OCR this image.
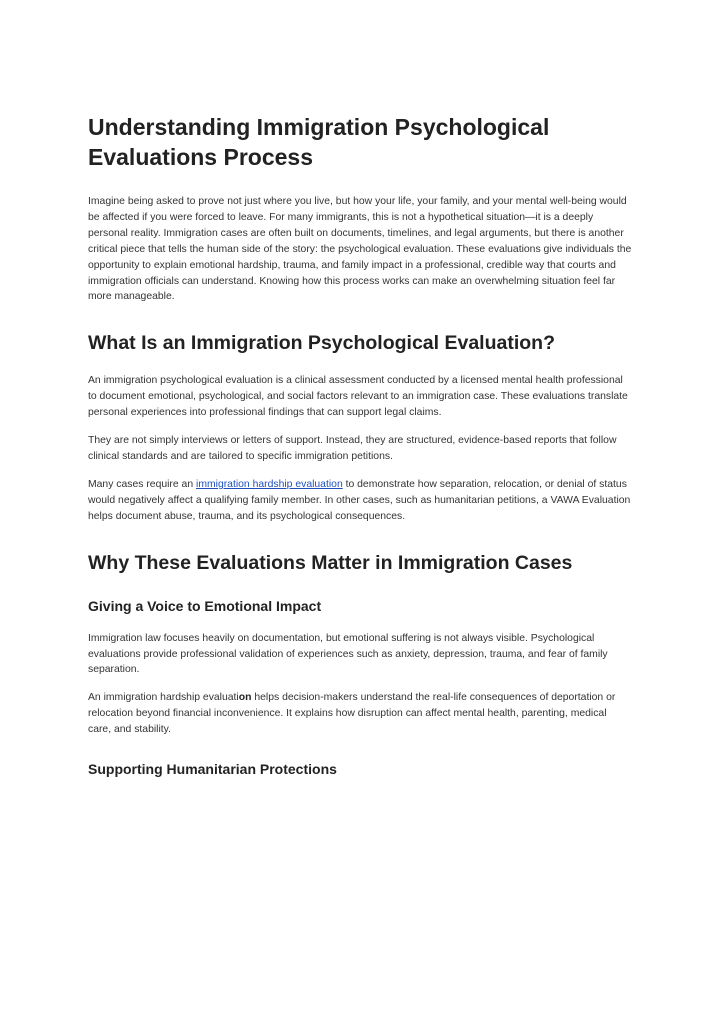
Understanding Immigration Psychological Evaluations Process

Imagine being asked to prove not just where you live, but how your life, your family, and your mental well-being would be affected if you were forced to leave. For many immigrants, this is not a hypothetical situation—it is a deeply personal reality. Immigration cases are often built on documents, timelines, and legal arguments, but there is another critical piece that tells the human side of the story: the psychological evaluation. These evaluations give individuals the opportunity to explain emotional hardship, trauma, and family impact in a professional, credible way that courts and immigration officials can understand. Knowing how this process works can make an overwhelming situation feel far more manageable.

What Is an Immigration Psychological Evaluation?

An immigration psychological evaluation is a clinical assessment conducted by a licensed mental health professional to document emotional, psychological, and social factors relevant to an immigration case. These evaluations translate personal experiences into professional findings that can support legal claims.

They are not simply interviews or letters of support. Instead, they are structured, evidence-based reports that follow clinical standards and are tailored to specific immigration petitions.

Many cases require an immigration hardship evaluation to demonstrate how separation, relocation, or denial of status would negatively affect a qualifying family member. In other cases, such as humanitarian petitions, a VAWA Evaluation helps document abuse, trauma, and its psychological consequences.

Why These Evaluations Matter in Immigration Cases
Giving a Voice to Emotional Impact

Immigration law focuses heavily on documentation, but emotional suffering is not always visible. Psychological evaluations provide professional validation of experiences such as anxiety, depression, trauma, and fear of family separation.

An immigration hardship evaluation helps decision-makers understand the real-life consequences of deportation or relocation beyond financial inconvenience. It explains how disruption can affect mental health, parenting, medical care, and stability.

Supporting Humanitarian Protections
